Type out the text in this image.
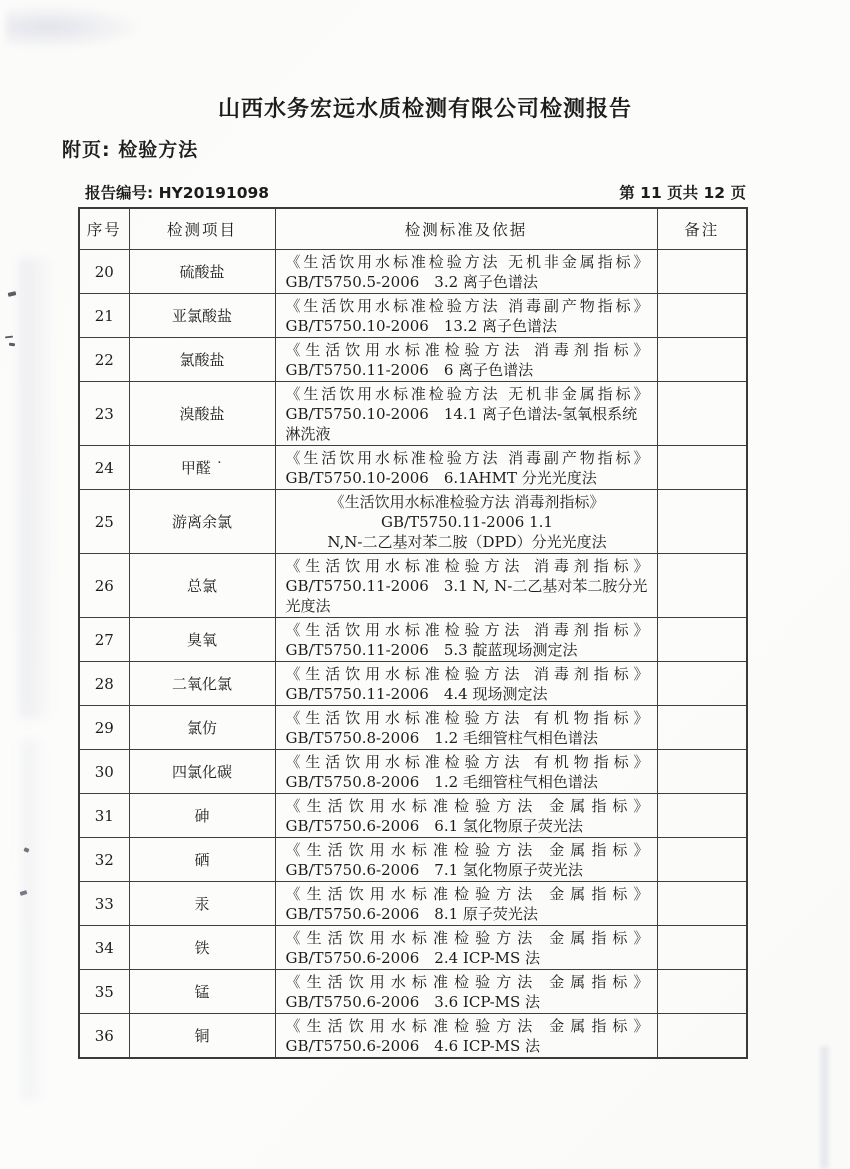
山西水务宏远水质检测有限公司检测报告
附页: 检验方法
报告编号: HY20191098	第 11 页共 12 页
序号	检测项目	检测标准及依据	备注
20	硫酸盐	《生活饮用水标准检验方法 无机非金属指标》
GB/T5750.5-2006　3.2 离子色谱法	

21	亚氯酸盐	《生活饮用水标准检验方法 消毒副产物指标》
GB/T5750.10-2006　13.2 离子色谱法	

22	氯酸盐	《生活饮用水标准检验方法 消毒剂指标》
GB/T5750.11-2006　6 离子色谱法	

23	溴酸盐	《生活饮用水标准检验方法 无机非金属指标》
GB/T5750.10-2006　14.1 离子色谱法-氢氧根系统
淋洗液	

24	甲醛 ˙	《生活饮用水标准检验方法 消毒副产物指标》
GB/T5750.10-2006　6.1AHMT 分光光度法	

25	游离余氯	《生活饮用水标准检验方法 消毒剂指标》
GB/T5750.11-2006 1.1
N,N-二乙基对苯二胺（DPD）分光光度法	

26	总氯	《生活饮用水标准检验方法 消毒剂指标》
GB/T5750.11-2006　3.1 N, N-二乙基对苯二胺分光
光度法	

27	臭氧	《生活饮用水标准检验方法 消毒剂指标》
GB/T5750.11-2006　5.3 靛蓝现场测定法	

28	二氧化氯	《生活饮用水标准检验方法 消毒剂指标》
GB/T5750.11-2006　4.4 现场测定法	

29	氯仿	《生活饮用水标准检验方法 有机物指标》
GB/T5750.8-2006　1.2 毛细管柱气相色谱法	

30	四氯化碳	《生活饮用水标准检验方法 有机物指标》
GB/T5750.8-2006　1.2 毛细管柱气相色谱法	

31	砷	《生活饮用水标准检验方法 金属指标》
GB/T5750.6-2006　6.1 氢化物原子荧光法	

32	硒	《生活饮用水标准检验方法 金属指标》
GB/T5750.6-2006　7.1 氢化物原子荧光法	

33	汞	《生活饮用水标准检验方法 金属指标》
GB/T5750.6-2006　8.1 原子荧光法	

34	铁	《生活饮用水标准检验方法 金属指标》
GB/T5750.6-2006　2.4 ICP-MS 法	

35	锰	《生活饮用水标准检验方法 金属指标》
GB/T5750.6-2006　3.6 ICP-MS 法	

36	铜	《生活饮用水标准检验方法 金属指标》
GB/T5750.6-2006　4.6 ICP-MS 法	
